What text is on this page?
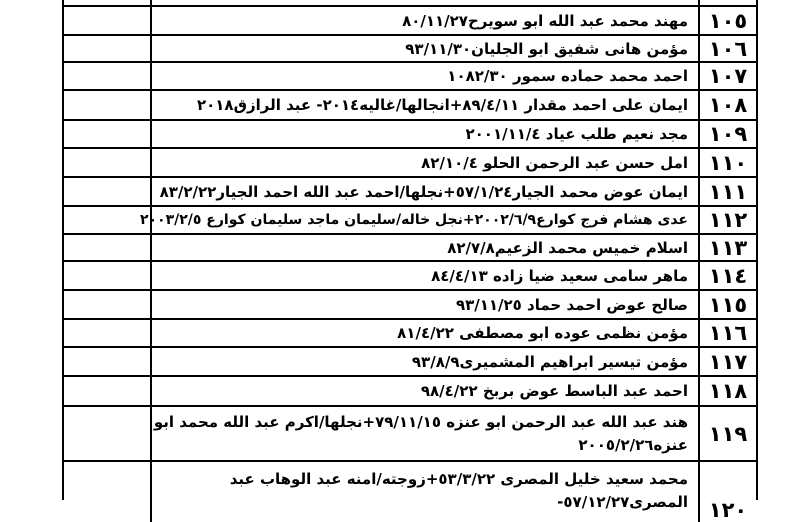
مهند محمد عبد الله ابو سويرح٨٠/١١/٢٧ ١٠٥
مؤمن هانى شفيق ابو الجليان٩٣/١١/٣٠ ١٠٦
احمد محمد حماده سمور ١٠٨٢/٣٠ ١٠٧
ايمان على احمد مقدار ٨٩/٤/١١+انجالها/غاليه٢٠١٤- عبد الرازق٢٠١٨ ١٠٨
مجد نعيم طلب عياد ٢٠٠١/١١/٤ ١٠٩
امل حسن عبد الرحمن الحلو ٨٢/١٠/٤ ١١٠
ايمان عوض محمد الجيار٥٧/١/٢٤+نجلها/احمد عبد الله احمد الجيار٨٣/٢/٢٢ ١١١
عدى هشام فرج كوارع٢٠٠٢/٦/٩+نجل خاله/سليمان ماجد سليمان كوارع ٢٠٠٣/٢/٥ ١١٢
اسلام خميس محمد الزعيم٨٢/٧/٨ ١١٣
ماهر سامى سعيد ضيا زاده ٨٤/٤/١٣ ١١٤
صالح عوض احمد حماد ٩٣/١١/٢٥ ١١٥
مؤمن نظمى عوده ابو مصطفى ٨١/٤/٢٢ ١١٦
مؤمن تيسير ابراهيم المشميرى٩٣/٨/٩ ١١٧
احمد عبد الباسط عوض بربخ ٩٨/٤/٢٢ ١١٨
هند عبد الله عبد الرحمن ابو عنزه ٧٩/١١/١٥+نجلها/اكرم عبد الله محمد ابو عنزه٢٠٠٥/٢/٢٦ ١١٩
محمد سعيد خليل المصرى ٥٣/٣/٢٢+زوجته/امنه عبد الوهاب عبد المصرى٥٧/١٢/٢٧- ١٢٠
